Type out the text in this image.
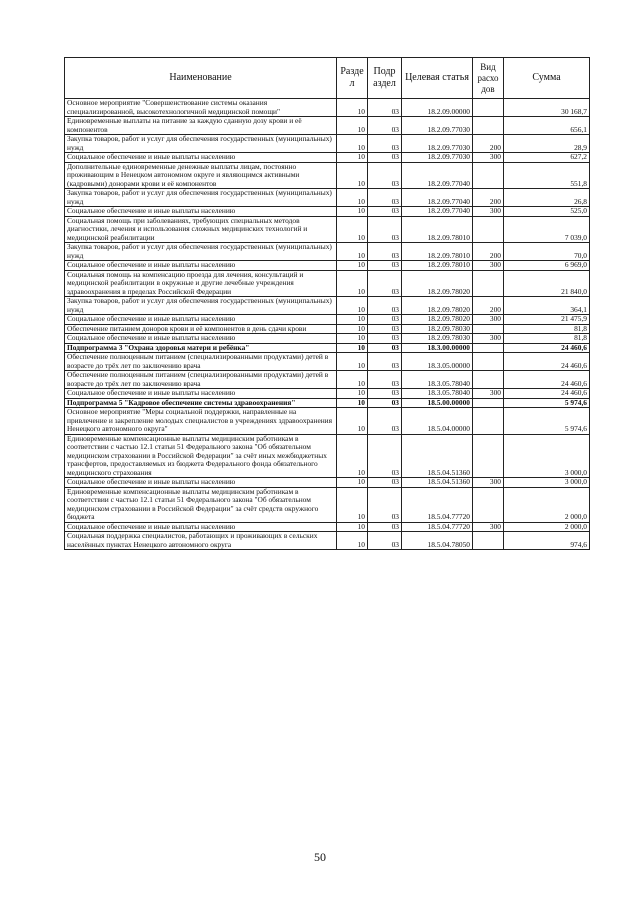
Наименование	Разде л	Подр аздел	Целевая статья	Вид расхо дов	Сумма
Основное мероприятие "Совершенствование системы оказания специализированной, высокотехнологичной медицинской помощи"	10	03	18.2.09.00000		30 168,7
Единовременные выплаты на питание за каждую сданную дозу крови и её компонентов	10	03	18.2.09.77030		656,1
Закупка товаров, работ и услуг для обеспечения государственных (муниципальных) нужд	10	03	18.2.09.77030	200	28,9
Социальное обеспечение и иные выплаты населению	10	03	18.2.09.77030	300	627,2
Дополнительные единовременные денежные выплаты лицам, постоянно проживающим в Ненецком автономном округе и являющимся активными (кадровыми) донорами крови и её компонентов	10	03	18.2.09.77040		551,8
Закупка товаров, работ и услуг для обеспечения государственных (муниципальных) нужд	10	03	18.2.09.77040	200	26,8
Социальное обеспечение и иные выплаты населению	10	03	18.2.09.77040	300	525,0
Социальная помощь при заболеваниях, требующих специальных методов диагностики, лечения и использования сложных медицинских технологий и медицинской реабилитации	10	03	18.2.09.78010		7 039,0
Закупка товаров, работ и услуг для обеспечения государственных (муниципальных) нужд	10	03	18.2.09.78010	200	70,0
Социальное обеспечение и иные выплаты населению	10	03	18.2.09.78010	300	6 969,0
Социальная помощь на компенсацию проезда для лечения, консультаций и медицинской реабилитации в окружные и другие лечебные учреждения здравоохранения в пределах Российской Федерации	10	03	18.2.09.78020		21 840,0
Закупка товаров, работ и услуг для обеспечения государственных (муниципальных) нужд	10	03	18.2.09.78020	200	364,1
Социальное обеспечение и иные выплаты населению	10	03	18.2.09.78020	300	21 475,9
Обеспечение питанием доноров крови и её компонентов в день сдачи крови	10	03	18.2.09.78030		81,8
Социальное обеспечение и иные выплаты населению	10	03	18.2.09.78030	300	81,8
Подпрограмма 3 "Охрана здоровья матери и ребёнка"	10	03	18.3.00.00000		24 460,6
Обеспечение полноценным питанием (специализированными продуктами) детей в возрасте до трёх лет по заключению врача	10	03	18.3.05.00000		24 460,6
Обеспечение полноценным питанием (специализированными продуктами) детей в возрасте до трёх лет по заключению врача	10	03	18.3.05.78040		24 460,6
Социальное обеспечение и иные выплаты населению	10	03	18.3.05.78040	300	24 460,6
Подпрограмма 5 "Кадровое обеспечение системы здравоохранения"	10	03	18.5.00.00000		5 974,6
Основное мероприятие "Меры социальной поддержки, направленные на привлечение и закрепление молодых специалистов в учреждениях здравоохранения Ненецкого автономного округа"	10	03	18.5.04.00000		5 974,6
Единовременные компенсационные выплаты медицинским работникам в соответствии с частью 12.1 статьи 51 Федерального закона "Об обязательном медицинском страховании в Российской Федерации" за счёт иных межбюджетных трансфертов, предоставляемых из бюджета Федерального фонда обязательного медицинского страхования	10	03	18.5.04.51360		3 000,0
Социальное обеспечение и иные выплаты населению	10	03	18.5.04.51360	300	3 000,0
Единовременные компенсационные выплаты медицинским работникам в соответствии с частью 12.1 статьи 51 Федерального закона "Об обязательном медицинском страховании в Российской Федерации" за счёт средств окружного бюджета	10	03	18.5.04.77720		2 000,0
Социальное обеспечение и иные выплаты населению	10	03	18.5.04.77720	300	2 000,0
Социальная поддержка специалистов, работающих и проживающих в сельских населённых пунктах Ненецкого автономного округа	10	03	18.5.04.78050		974,6
50
